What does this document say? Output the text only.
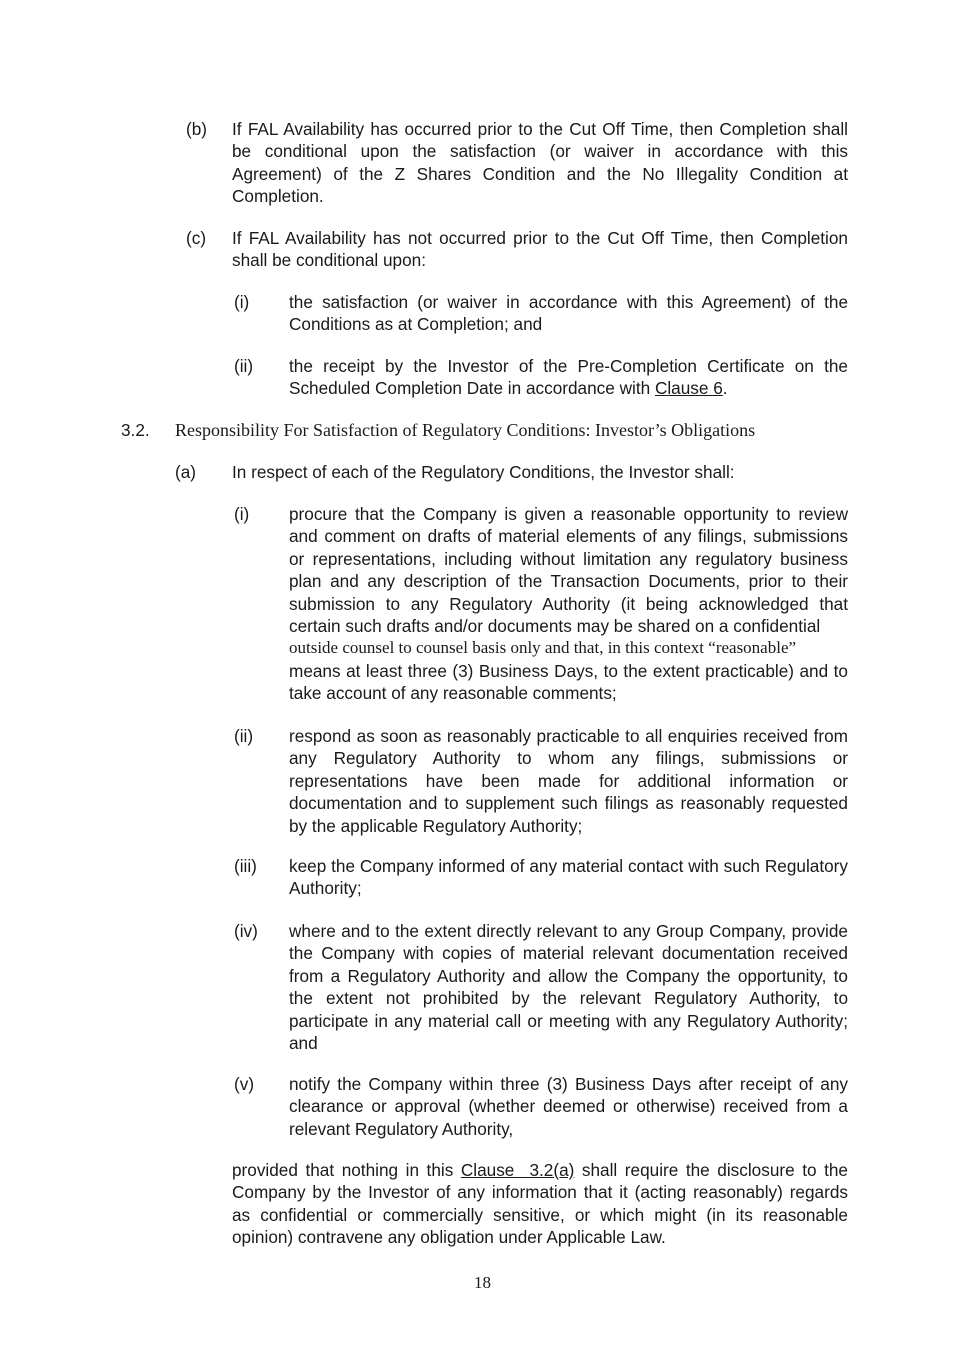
(b) If FAL Availability has occurred prior to the Cut Off Time, then Completion shall be conditional upon the satisfaction (or waiver in accordance with this Agreement) of the Z Shares Condition and the No Illegality Condition at Completion.
(c) If FAL Availability has not occurred prior to the Cut Off Time, then Completion shall be conditional upon:
(i) the satisfaction (or waiver in accordance with this Agreement) of the Conditions as at Completion; and
(ii) the receipt by the Investor of the Pre-Completion Certificate on the Scheduled Completion Date in accordance with Clause 6.
3.2. Responsibility For Satisfaction of Regulatory Conditions: Investor’s Obligations
(a) In respect of each of the Regulatory Conditions, the Investor shall:
(i) procure that the Company is given a reasonable opportunity to review and comment on drafts of material elements of any filings, submissions or representations, including without limitation any regulatory business plan and any description of the Transaction Documents, prior to their submission to any Regulatory Authority (it being acknowledged that certain such drafts and/or documents may be shared on a confidential
outside counsel to counsel basis only and that, in this context “reasonable”
means at least three (3) Business Days, to the extent practicable) and to take account of any reasonable comments;
(ii) respond as soon as reasonably practicable to all enquiries received from any Regulatory Authority to whom any filings, submissions or representations have been made for additional information or documentation and to supplement such filings as reasonably requested by the applicable Regulatory Authority;
(iii) keep the Company informed of any material contact with such Regulatory Authority;
(iv) where and to the extent directly relevant to any Group Company, provide the Company with copies of material relevant documentation received from a Regulatory Authority and allow the Company the opportunity, to the extent not prohibited by the relevant Regulatory Authority, to participate in any material call or meeting with any Regulatory Authority; and
(v) notify the Company within three (3) Business Days after receipt of any clearance or approval (whether deemed or otherwise) received from a relevant Regulatory Authority,
provided that nothing in this Clause  3.2(a) shall require the disclosure to the Company by the Investor of any information that it (acting reasonably) regards as confidential or commercially sensitive, or which might (in its reasonable opinion) contravene any obligation under Applicable Law.
18
